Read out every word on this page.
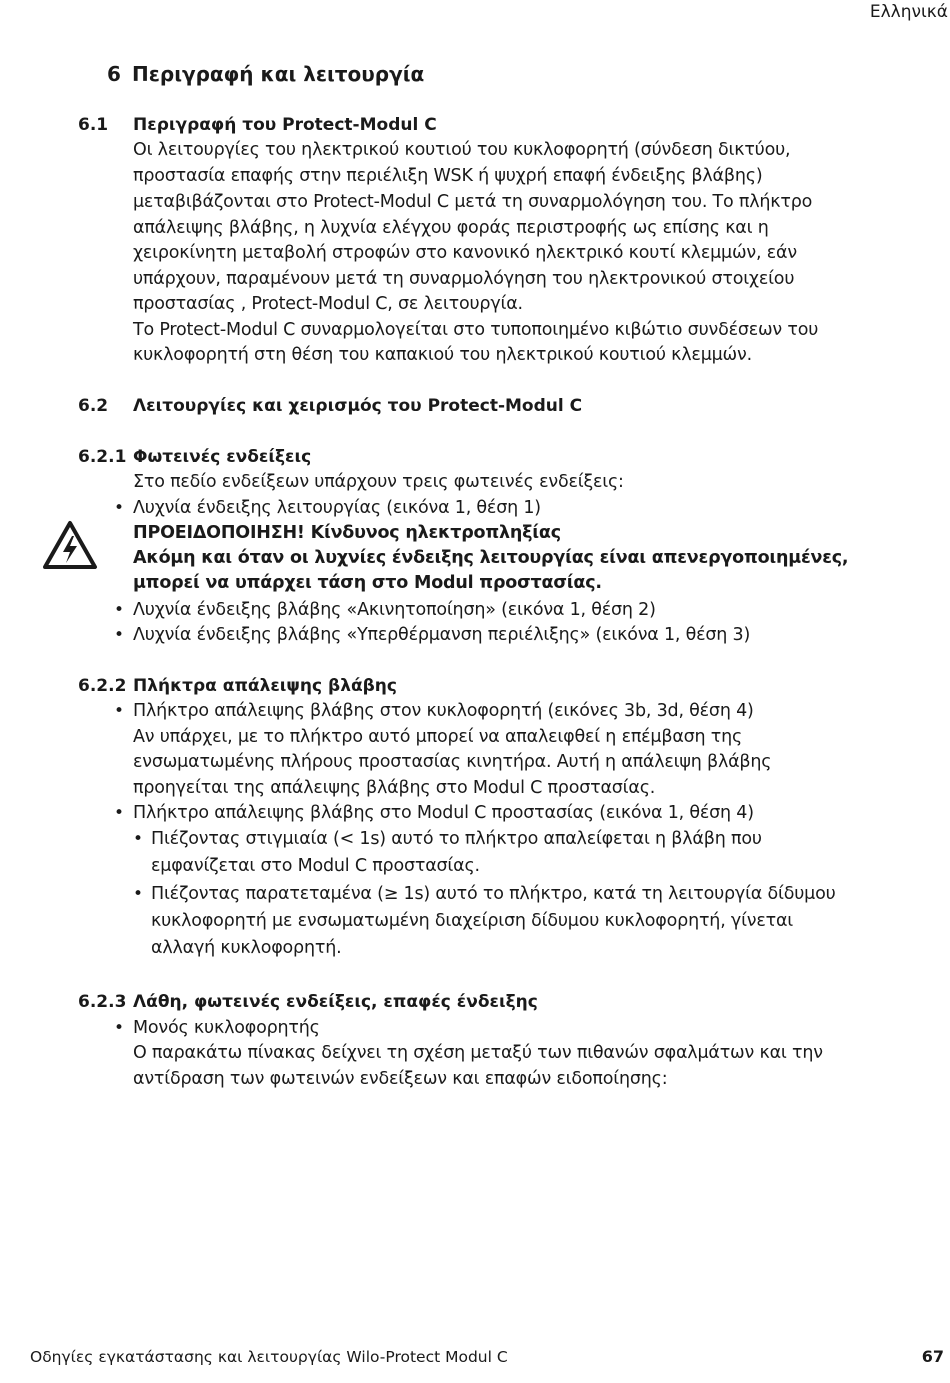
Ελληνικά
6 Περιγραφή και λειτουργία
6.1 Περιγραφή του Protect-Modul C
Οι λειτουργίες του ηλεκτρικού κουτιού του κυκλοφορητή (σύνδεση δικτύου,
προστασία επαφής στην περιέλιξη WSK ή ψυχρή επαφή ένδειξης βλάβης)
μεταβιβάζονται στο Protect-Modul C μετά τη συναρμολόγηση του. Το πλήκτρο
απάλειψης βλάβης, η λυχνία ελέγχου φοράς περιστροφής ως επίσης και η
χειροκίνητη μεταβολή στροφών στο κανονικό ηλεκτρικό κουτί κλεμμών, εάν
υπάρχουν, παραμένουν μετά τη συναρμολόγηση του ηλεκτρονικού στοιχείου
προστασίας , Protect-Modul C, σε λειτουργία.
Το Protect-Modul C συναρμολογείται στο τυποποιημένο κιβώτιο συνδέσεων του
κυκλοφορητή στη θέση του καπακιού του ηλεκτρικού κουτιού κλεμμών.
6.2 Λειτουργίες και χειρισμός του Protect-Modul C
6.2.1 Φωτεινές ενδείξεις
Στο πεδίο ενδείξεων υπάρχουν τρεις φωτεινές ενδείξεις:
• Λυχνία ένδειξης λειτουργίας (εικόνα 1, θέση 1)
ΠΡΟΕΙΔΟΠΟΙΗΣΗ! Κίνδυνος ηλεκτροπληξίας
Ακόμη και όταν οι λυχνίες ένδειξης λειτουργίας είναι απενεργοποιημένες,
μπορεί να υπάρχει τάση στο Modul προστασίας.
• Λυχνία ένδειξης βλάβης «Ακινητοποίηση» (εικόνα 1, θέση 2)
• Λυχνία ένδειξης βλάβης «Υπερθέρμανση περιέλιξης» (εικόνα 1, θέση 3)
6.2.2 Πλήκτρα απάλειψης βλάβης
• Πλήκτρο απάλειψης βλάβης στον κυκλοφορητή (εικόνες 3b, 3d, θέση 4)
Αν υπάρχει, με το πλήκτρο αυτό μπορεί να απαλειφθεί η επέμβαση της
ενσωματωμένης πλήρους προστασίας κινητήρα. Αυτή η απάλειψη βλάβης
προηγείται της απάλειψης βλάβης στο Modul C προστασίας.
• Πλήκτρο απάλειψης βλάβης στο Modul C προστασίας (εικόνα 1, θέση 4)
• Πιέζοντας στιγμιαία (< 1s) αυτό το πλήκτρο απαλείφεται η βλάβη που
εμφανίζεται στο Modul C προστασίας.
• Πιέζοντας παρατεταμένα (≥ 1s) αυτό το πλήκτρο, κατά τη λειτουργία δίδυμου
κυκλοφορητή με ενσωματωμένη διαχείριση δίδυμου κυκλοφορητή, γίνεται
αλλαγή κυκλοφορητή.
6.2.3 Λάθη, φωτεινές ενδείξεις, επαφές ένδειξης
• Μονός κυκλοφορητής
Ο παρακάτω πίνακας δείχνει τη σχέση μεταξύ των πιθανών σφαλμάτων και την
αντίδραση των φωτεινών ενδείξεων και επαφών ειδοποίησης:
Οδηγίες εγκατάστασης και λειτουργίας Wilo-Protect Modul C	67
